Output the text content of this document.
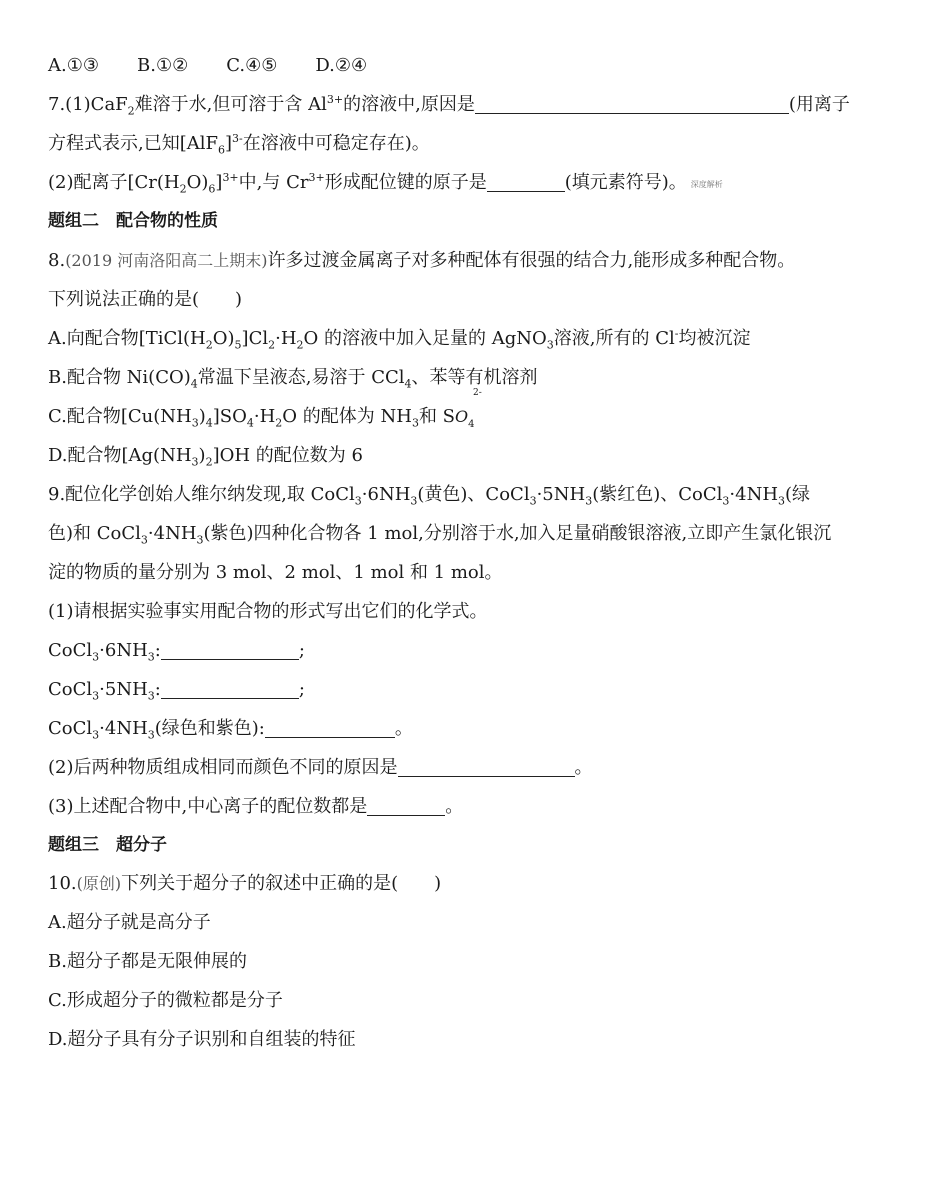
A.①③ B.①② C.④⑤ D.②④
7.(1)CaF$_2$难溶于水,但可溶于含 $Al^{3+}$的溶液中,原因是	(用离子
方程式表示,已知$[AlF_6]^{3-}$在溶液中可稳定存在)。
(2)配离子$[Cr(H_2O)_6]^{3+}$中,与 $Cr^{3+}$形成配位键的原子是	(填元素符号)。 深度解析
题组二　配合物的性质
8.(2019 河南洛阳高二上期末)许多过渡金属离子对多种配体有很强的结合力,能形成多种配合物。
下列说法正确的是( )
A.向配合物$[TiCl(H_2O)_5]Cl_2\cdot H_2O$ 的溶液中加入足量的 AgNO$_3$溶液,所有的 Cl-均被沉淀
B.配合物 $Ni(CO)_4$常温下呈液态,易溶于 CCl$_4$、苯等有机溶剂
C.配合物$[Cu(NH_3)_4]SO_4\cdot H_2O$ 的配体为 $NH_3$和 $SO_4$
2-
D.配合物$[Ag(NH_3)_2]OH$ 的配位数为 6
9.配位化学创始人维尔纳发现,取 $CoCl_3\cdot 6NH_3$(黄色)、$CoCl_3\cdot 5NH_3$(紫红色)、$CoCl_3\cdot 4NH_3$(绿
色)和 $CoCl_3\cdot 4NH_3$(紫色)四种化合物各 1 mol,分别溶于水,加入足量硝酸银溶液,立即产生氯化银沉
淀的物质的量分别为 3 mol、2 mol、1 mol 和 1 mol。
(1)请根据实验事实用配合物的形式写出它们的化学式。
$CoCl_3\cdot 6NH_3$:	;
$CoCl_3\cdot 5NH_3$:	;
$CoCl_3\cdot 4NH_3$(绿色和紫色):	。
(2)后两种物质组成相同而颜色不同的原因是	。
(3)上述配合物中,中心离子的配位数都是	。
题组三　超分子
10.(原创)下列关于超分子的叙述中正确的是( )
A.超分子就是高分子
B.超分子都是无限伸展的
C.形成超分子的微粒都是分子
D.超分子具有分子识别和自组装的特征
